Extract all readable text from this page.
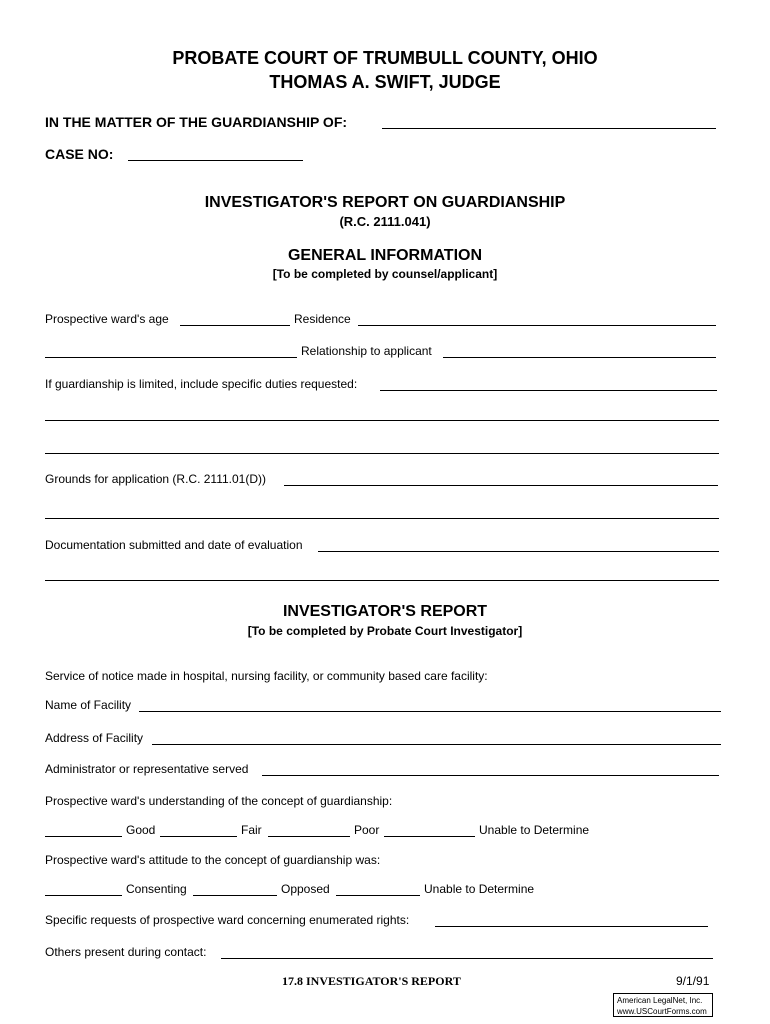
PROBATE COURT OF TRUMBULL COUNTY, OHIO
THOMAS A. SWIFT, JUDGE
IN THE MATTER OF THE GUARDIANSHIP OF:
CASE NO:
INVESTIGATOR'S REPORT ON GUARDIANSHIP
(R.C. 2111.041)
GENERAL INFORMATION
[To be completed by counsel/applicant]
Prospective ward's age	Residence
Relationship to applicant
If guardianship is limited, include specific duties requested:
Grounds for application (R.C. 2111.01(D))
Documentation submitted and date of evaluation
INVESTIGATOR'S REPORT
[To be completed by Probate Court Investigator]
Service of notice made in hospital, nursing facility, or community based care facility:
Name of Facility
Address of Facility
Administrator or representative served
Prospective ward's understanding of the concept of guardianship:
Good	Fair	Poor	Unable to Determine
Prospective ward's attitude to the concept of guardianship was:
Consenting	Opposed	Unable to Determine
Specific requests of prospective ward concerning enumerated rights:
Others present during contact:
17.8 INVESTIGATOR'S REPORT	9/1/91
American LegalNet, Inc.
www.USCourtForms.com
